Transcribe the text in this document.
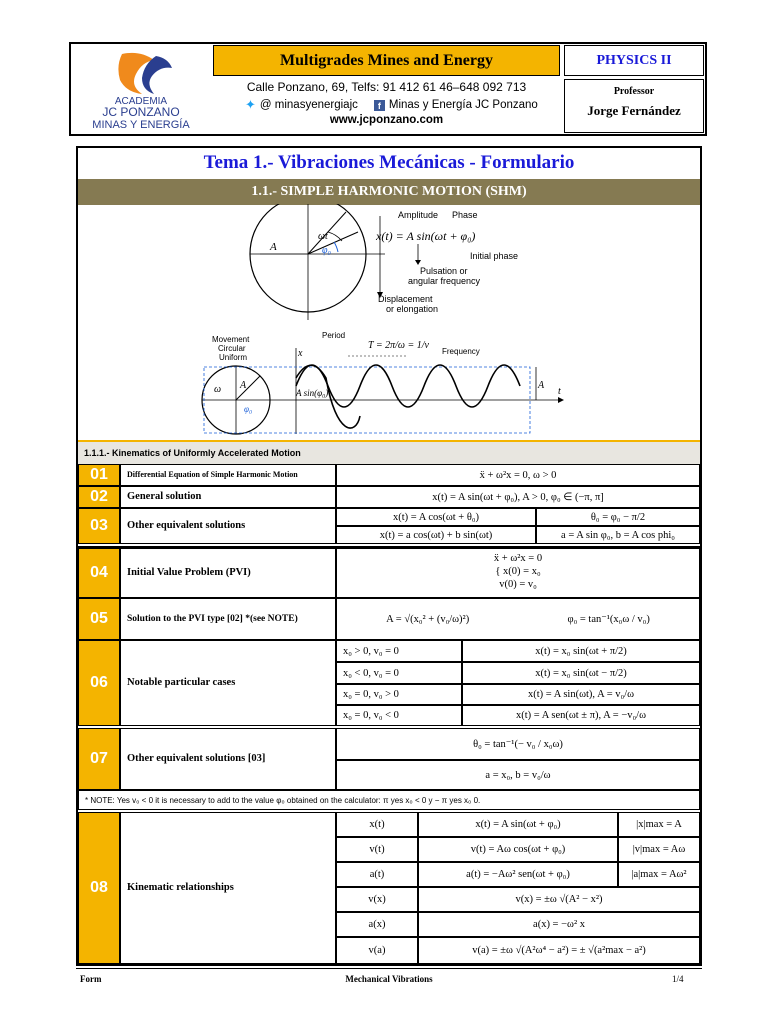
ACADEMIA
JC PONZANO
MINAS Y ENERGÍA
Multigrades Mines and Energy
Calle Ponzano, 69, Telfs: 91 412 61 46–648 092 713
✦ @ minasyenergiajc	f Minas y Energía JC Ponzano
www.jcponzano.com
PHYSICS II
Professor
Jorge Fernández
Tema 1.- Vibraciones Mecánicas - Formulario
1.1.- SIMPLE HARMONIC MOTION (SHM)
A
ωt
φ₀
x(t) = A sin(ωt + φ₀)
Amplitude Phase
Pulsation or
angular frequency
Initial phase
Displacement
or elongation
Movement
Circular
Uniform
Period
T = 2π/ω = 1/ν
Frequency
x
t
ω A
φ₀
A sin(φ₀)
A
1.1.1.- Kinematics of Uniformly Accelerated Motion
01	Differential Equation of Simple Harmonic Motion	ẍ + ω²x = 0, ω > 0
02	General solution	x(t) = A sin(ωt + φ₀), A > 0, φ₀ ∈ (−π, π]
03	Other equivalent solutions
x(t) = A cos(ωt + θ₀)	θ₀ = φ₀ − π/2
x(t) = a cos(ωt) + b sin(ωt)	a = A sin φ₀, b = A cos phi₀
04	Initial Value Problem (PVI)
ẍ + ω²x = 0
{ x(0) = x₀
v(0) = v₀
05	Solution to the PVI type [02] *(see NOTE)	A = √(x₀² + (v₀/ω)²)	φ₀ = tan⁻¹(x₀ω / v₀)
06	Notable particular cases
x₀ > 0, v₀ = 0	x(t) = x₀ sin(ωt + π/2)
x₀ < 0, v₀ = 0	x(t) = x₀ sin(ωt − π/2)
x₀ = 0, v₀ > 0	x(t) = A sin(ωt), A = v₀/ω
x₀ = 0, v₀ < 0	x(t) = A sen(ωt ± π), A = −v₀/ω
07	Other equivalent solutions [03]
θ₀ = tan⁻¹(− v₀ / x₀ω)
a = x₀, b = v₀/ω
* NOTE: Yes v₀ < 0 it is necessary to add to the value φ₀ obtained on the calculator: π yes x₀ < 0 y − π yes x₀ 0.
08	Kinematic relationships
x(t)	x(t) = A sin(ωt + φ₀)	|x|max = A
v(t)	v(t) = Aω cos(ωt + φ₀)	|v|max = Aω
a(t)	a(t) = −Aω² sen(ωt + φ₀)	|a|max = Aω²
v(x)	v(x) = ±ω √(A² − x²)
a(x)	a(x) = −ω² x
v(a)	v(a) = ±ω √(A²ω⁴ − a²) = ± √(a²max − a²)
Form	Mechanical Vibrations	1/4
